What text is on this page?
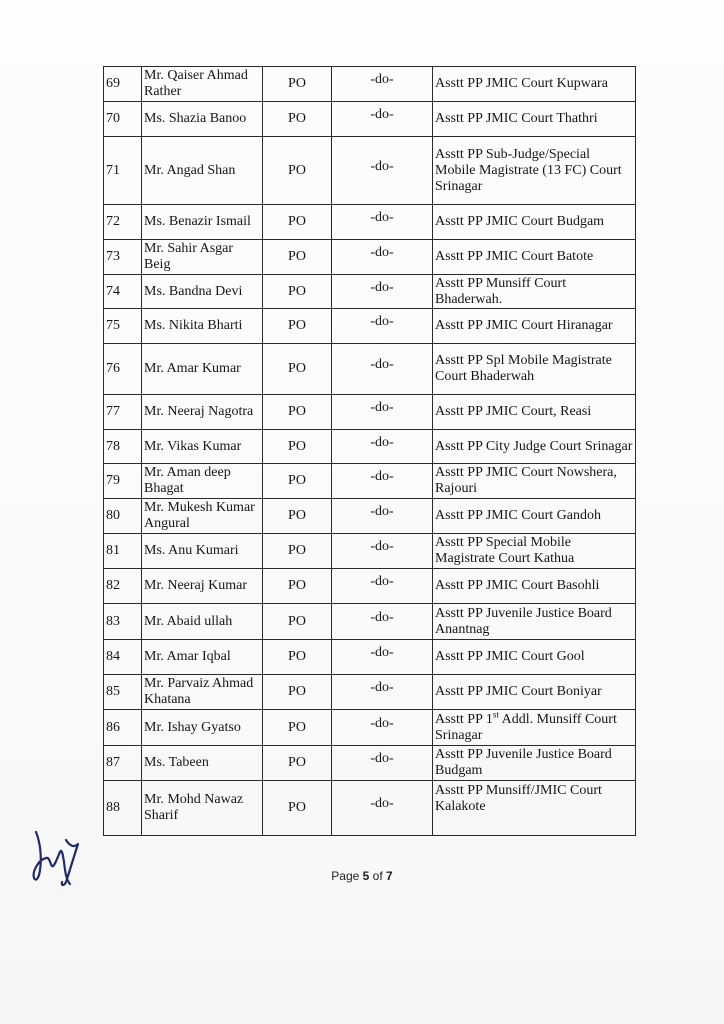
69	Mr. Qaiser Ahmad Rather	PO	-do-	Asstt PP JMIC Court Kupwara
70	Ms. Shazia Banoo	PO	-do-	Asstt PP JMIC Court Thathri
71	Mr. Angad Shan	PO	-do-	Asstt PP Sub-Judge/Special Mobile Magistrate (13 FC) Court Srinagar
72	Ms. Benazir Ismail	PO	-do-	Asstt PP JMIC Court Budgam
73	Mr. Sahir Asgar Beig	PO	-do-	Asstt PP JMIC Court Batote
74	Ms. Bandna Devi	PO	-do-	Asstt PP Munsiff Court Bhaderwah.
75	Ms. Nikita Bharti	PO	-do-	Asstt PP JMIC Court Hiranagar
76	Mr. Amar Kumar	PO	-do-	Asstt PP Spl Mobile Magistrate Court Bhaderwah
77	Mr. Neeraj Nagotra	PO	-do-	Asstt PP JMIC Court, Reasi
78	Mr. Vikas Kumar	PO	-do-	Asstt PP City Judge Court Srinagar
79	Mr. Aman deep Bhagat	PO	-do-	Asstt PP JMIC Court Nowshera, Rajouri
80	Mr. Mukesh Kumar Angural	PO	-do-	Asstt PP JMIC Court Gandoh
81	Ms. Anu Kumari	PO	-do-	Asstt PP Special Mobile Magistrate Court Kathua
82	Mr. Neeraj Kumar	PO	-do-	Asstt PP JMIC Court Basohli
83	Mr. Abaid ullah	PO	-do-	Asstt PP Juvenile Justice Board Anantnag
84	Mr. Amar Iqbal	PO	-do-	Asstt PP JMIC Court Gool
85	Mr. Parvaiz Ahmad Khatana	PO	-do-	Asstt PP JMIC Court Boniyar
86	Mr. Ishay Gyatso	PO	-do-	Asstt PP 1st Addl. Munsiff Court Srinagar
87	Ms. Tabeen	PO	-do-	Asstt PP Juvenile Justice Board Budgam
88	Mr. Mohd Nawaz Sharif	PO	-do-	Asstt PP Munsiff/JMIC Court Kalakote
Page 5 of 7
